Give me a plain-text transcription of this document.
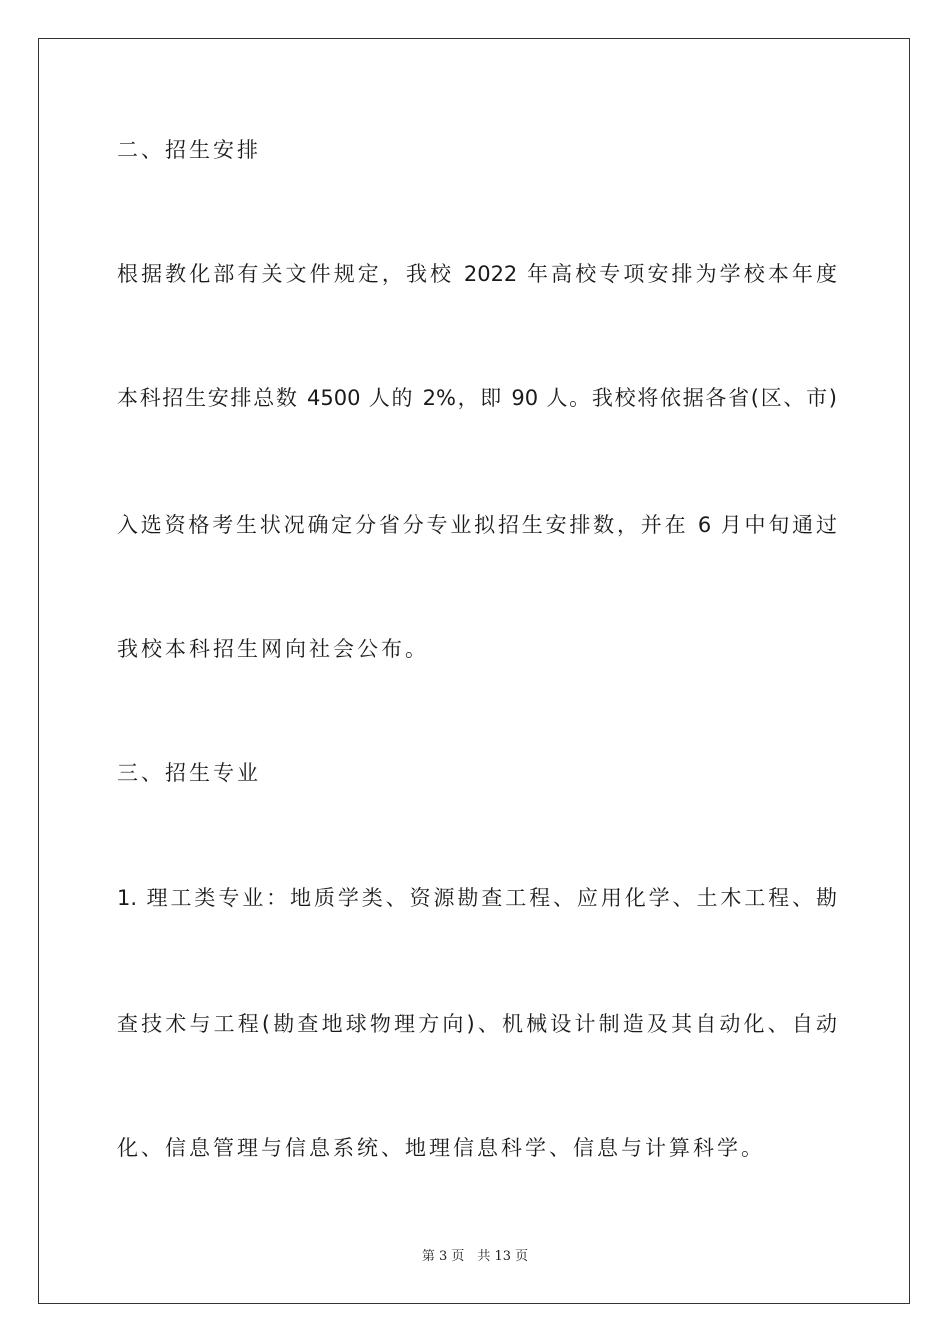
二、招生安排
根据教化部有关文件规定，我校 2022 年高校专项安排为学校本年度
本科招生安排总数 4500 人的 2%，即 90 人。我校将依据各省(区、市)
入选资格考生状况确定分省分专业拟招生安排数，并在 6 月中旬通过
我校本科招生网向社会公布。
三、招生专业
1. 理工类专业：地质学类、资源勘查工程、应用化学、土木工程、勘
查技术与工程(勘查地球物理方向)、机械设计制造及其自动化、自动
化、信息管理与信息系统、地理信息科学、信息与计算科学。
第 3 页　共 13 页
